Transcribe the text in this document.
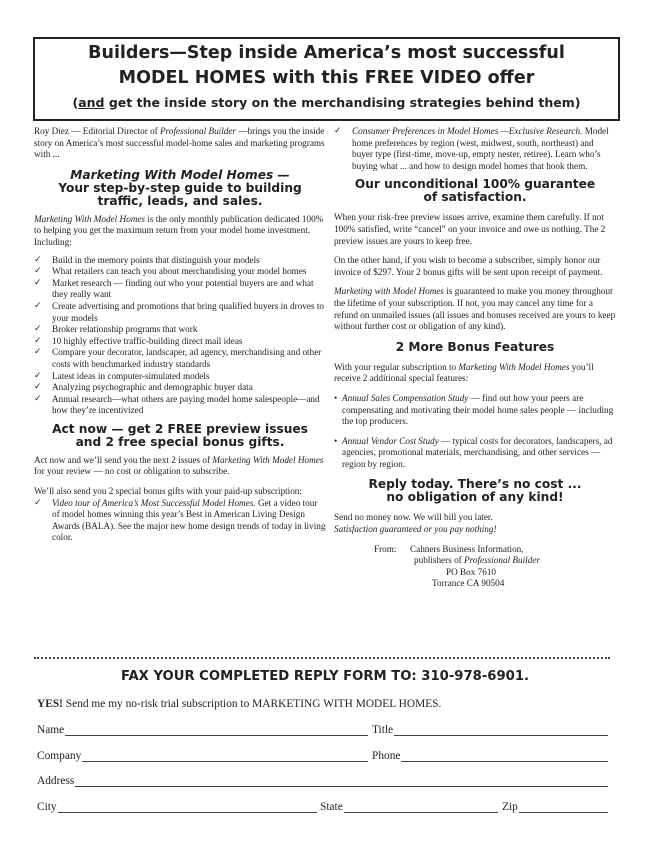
Builders—Step inside America’s most successful
MODEL HOMES with this FREE VIDEO offer
(and get the inside story on the merchandising strategies behind them)

Roy Diez — Editorial Director of Professional Builder —brings you the inside story on America’s most successful model-home sales and marketing programs with ...

Marketing With Model Homes —
Your step-by-step guide to building
traffic, leads, and sales.

Marketing With Model Homes is the only monthly publication dedicated 100% to helping you get the maximum return from your model home investment. Including:

✓ Build in the memory points that distinguish your models
✓ What retailers can teach you about merchandising your model homes
✓ Market research — finding out who your potential buyers are and what they really want
✓ Create advertising and promotions that bring qualified buyers in droves to your models
✓ Broker relationship programs that work
✓ 10 highly effective traffic-building direct mail ideas
✓ Compare your decorator, landscaper, ad agency, merchandising and other costs with benchmarked industry standards
✓ Latest ideas in computer-simulated models
✓ Analyzing psychographic and demographic buyer data
✓ Annual research—what others are paying model home salespeople—and how they’re incentivized
Act now — get 2 FREE preview issues
and 2 free special bonus gifts.

Act now and we’ll send you the next 2 issues of Marketing With Model Homes for your review — no cost or obligation to subscribe.

We’ll also send you 2 special bonus gifts with your paid-up subscription:

✓ Video tour of America’s Most Successful Model Homes. Get a video tour of model homes winning this year’s Best in American Living Design Awards (BALA). See the major new home design trends of today in living color.
✓ Consumer Preferences in Model Homes —Exclusive Research. Model home preferences by region (west, midwest, south, northeast) and buyer type (first-time, move-up, empty nester, retiree). Learn who’s buying what ... and how to design model homes that hook them.
Our unconditional 100% guarantee
of satisfaction.

When your risk-free preview issues arrive, examine them carefully. If not 100% satisfied, write “cancel” on your invoice and owe us nothing. The 2 preview issues are yours to keep free.

On the other hand, if you wish to become a subscriber, simply honor our invoice of $297. Your 2 bonus gifts will be sent upon receipt of payment.

Marketing with Model Homes is guaranteed to make you money throughout the lifetime of your subscription. If not, you may cancel any time for a refund on unmailed issues (all issues and bonuses received are yours to keep without further cost or obligation of any kind).

2 More Bonus Features

With your regular subscription to Marketing With Model Homes you’ll receive 2 additional special features:

• Annual Sales Compensation Study — find out how your peers are compensating and motivating their model home sales people — including the top producers.
• Annual Vendor Cost Study — typical costs for decorators, landscapers, ad agencies, promotional materials, merchandising, and other services — region by region.
Reply today. There’s no cost ...
no obligation of any kind!

Send no money now. We will bill you later.

Satisfaction guaranteed or you pay nothing!

From: Cahners Business Information,
publishers of Professional Builder
PO Box 7610
Torrance CA 90504
FAX YOUR COMPLETED REPLY FORM TO: 310-978-6901.
YES! Send me my no-risk trial subscription to MARKETING WITH MODEL HOMES.
Name	Title
Company	Phone
Address
City	State	Zip
